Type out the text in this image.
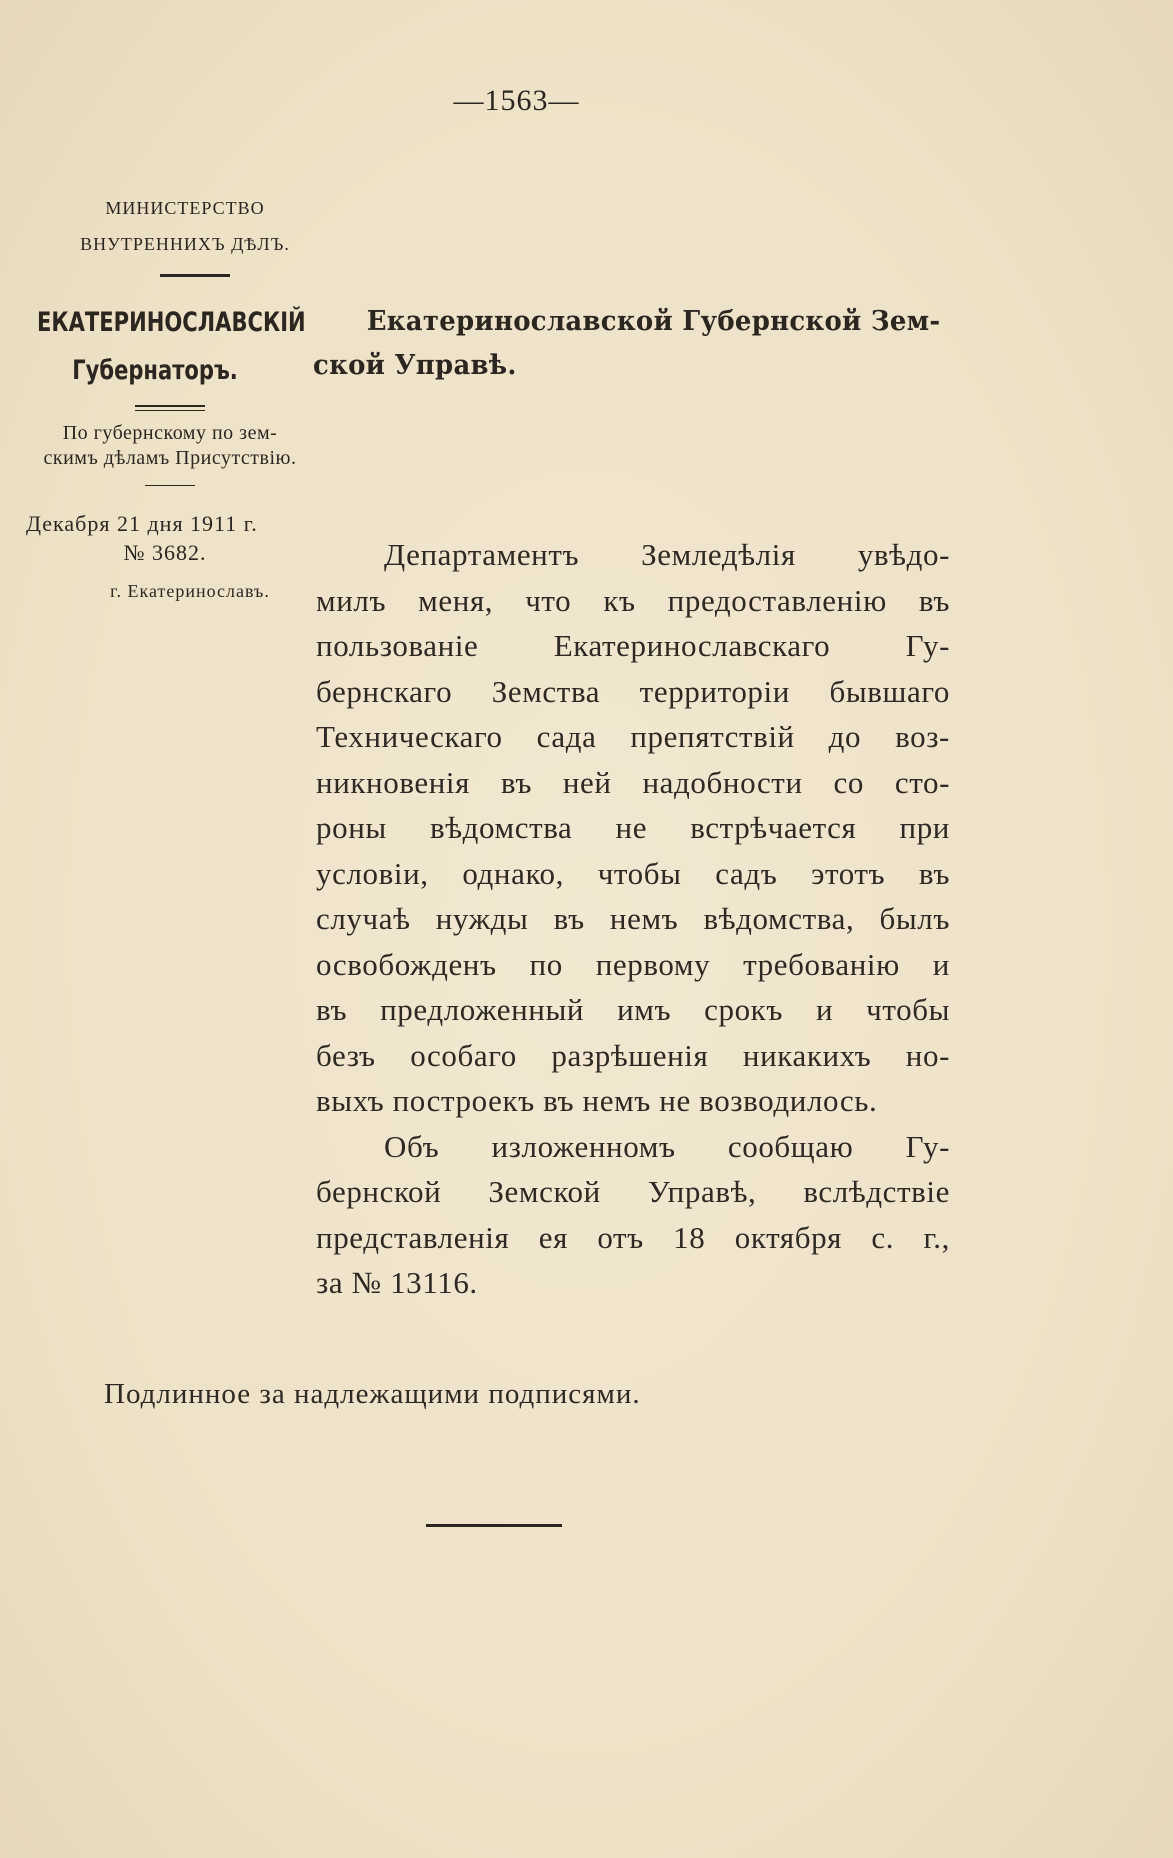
—1563—
МИНИСТЕРСТВО
ВНУТРЕННИХЪ ДѢЛЪ.
ЕКАТЕРИНОСЛАВСКІЙ
Губернаторъ.
По губернскому по зем-
скимъ дѣламъ Присутствію.
Декабря 21 дня 1911 г.
№ 3682.
г. Екатеринославъ.
Екатеринославской Губернской Зем-
ской Управѣ.
Департаментъ Земледѣлія увѣдо-
милъ меня, что къ предоставленію въ
пользованіе Екатеринославскаго Гу-
бернскаго Земства территоріи бывшаго
Техническаго сада препятствій до воз-
никновенія въ ней надобности со сто-
роны вѣдомства не встрѣчается при
условіи, однако, чтобы садъ этотъ въ
случаѣ нужды въ немъ вѣдомства, былъ
освобожденъ по первому требованію и
въ предложенный имъ срокъ и чтобы
безъ особаго разрѣшенія никакихъ но-
выхъ построекъ въ немъ не возводилось.
Объ изложенномъ сообщаю Гу-
бернской Земской Управѣ, вслѣдствіе
представленія ея отъ 18 октября с. г.,
за № 13116.
Подлинное за надлежащими подписями.
